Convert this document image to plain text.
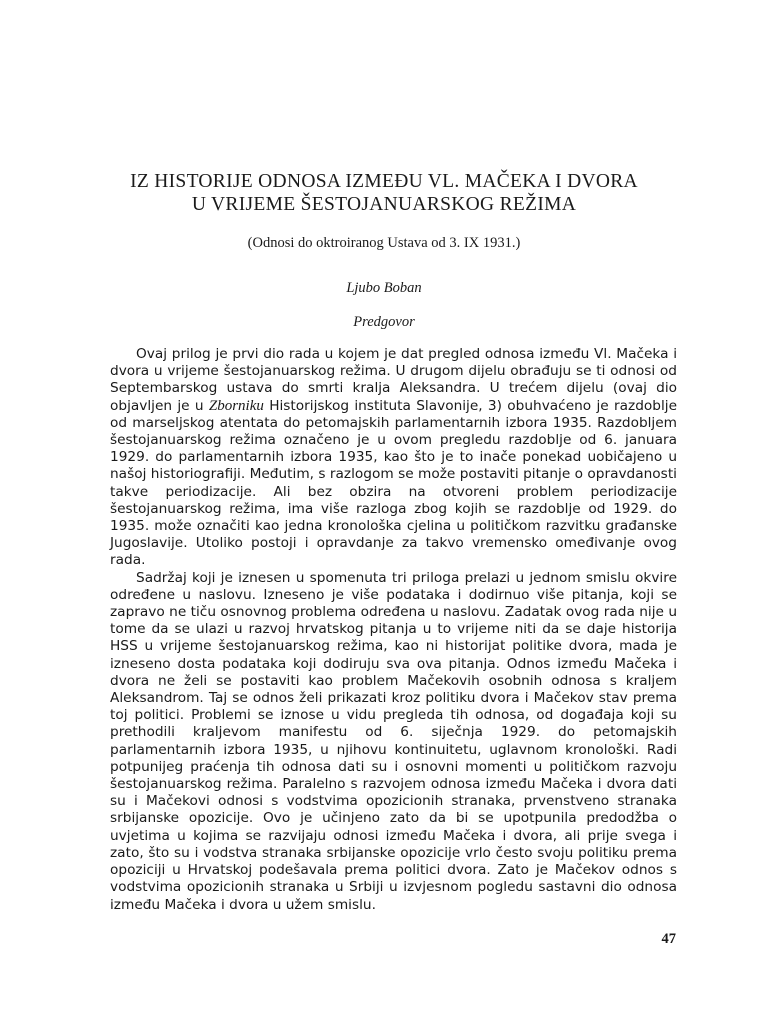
IZ HISTORIJE ODNOSA IZMEĐU VL. MAČEKA I DVORA
U VRIJEME ŠESTOJANUARSKOG REŽIMA

(Odnosi do oktroiranog Ustava od 3. IX 1931.)

Ljubo Boban

Predgovor

Ovaj prilog je prvi dio rada u kojem je dat pregled odnosa između Vl. Mačeka i dvora u vrijeme šestojanuarskog režima. U drugom dijelu obrađuju se ti odnosi od Septembarskog ustava do smrti kralja Aleksandra. U trećem dijelu (ovaj dio objavljen je u Zborniku Historijskog instituta Slavonije, 3) obuhvaćeno je razdoblje od marseljskog atentata do petomajskih parlamentarnih izbora 1935. Razdobljem šestojanuarskog režima označeno je u ovom pregledu razdoblje od 6. januara 1929. do parlamentarnih izbora 1935, kao što je to inače ponekad uobičajeno u našoj historiografiji. Međutim, s razlogom se može postaviti pitanje o opravdanosti takve periodizacije. Ali bez obzira na otvoreni problem periodizacije šestojanuarskog režima, ima više razloga zbog kojih se razdoblje od 1929. do 1935. može označiti kao jedna kronološka cjelina u političkom razvitku građanske Jugoslavije. Utoliko postoji i opravdanje za takvo vremensko omeđivanje ovog rada.

Sadržaj koji je iznesen u spomenuta tri priloga prelazi u jednom smislu okvire određene u naslovu. Izneseno je više podataka i dodirnuo više pitanja, koji se zapravo ne tiču osnovnog problema određena u naslovu. Zadatak ovog rada nije u tome da se ulazi u razvoj hrvatskog pitanja u to vrijeme niti da se daje historija HSS u vrijeme šestojanuarskog režima, kao ni historijat politike dvora, mada je izneseno dosta podataka koji dodiruju sva ova pitanja. Odnos između Mačeka i dvora ne želi se postaviti kao problem Mačekovih osobnih odnosa s kraljem Aleksandrom. Taj se odnos želi prikazati kroz politiku dvora i Mačekov stav prema toj politici. Problemi se iznose u vidu pregleda tih odnosa, od događaja koji su prethodili kraljevom manifestu od 6. siječnja 1929. do petomajskih parlamentarnih izbora 1935, u njihovu kontinuitetu, uglavnom kronološki. Radi potpunijeg praćenja tih odnosa dati su i osnovni momenti u političkom razvoju šestojanuarskog režima. Paralelno s razvojem odnosa između Mačeka i dvora dati su i Mačekovi odnosi s vodstvima opozicionih stranaka, prvenstveno stranaka srbijanske opozicije. Ovo je učinjeno zato da bi se upotpunila predodžba o uvjetima u kojima se razvijaju odnosi između Mačeka i dvora, ali prije svega i zato, što su i vodstva stranaka srbijanske opozicije vrlo često svoju politiku prema opoziciji u Hrvatskoj podešavala prema politici dvora. Zato je Mačekov odnos s vodstvima opozicionih stranaka u Srbiji u izvjesnom pogledu sastavni dio odnosa između Mačeka i dvora u užem smislu.

47
